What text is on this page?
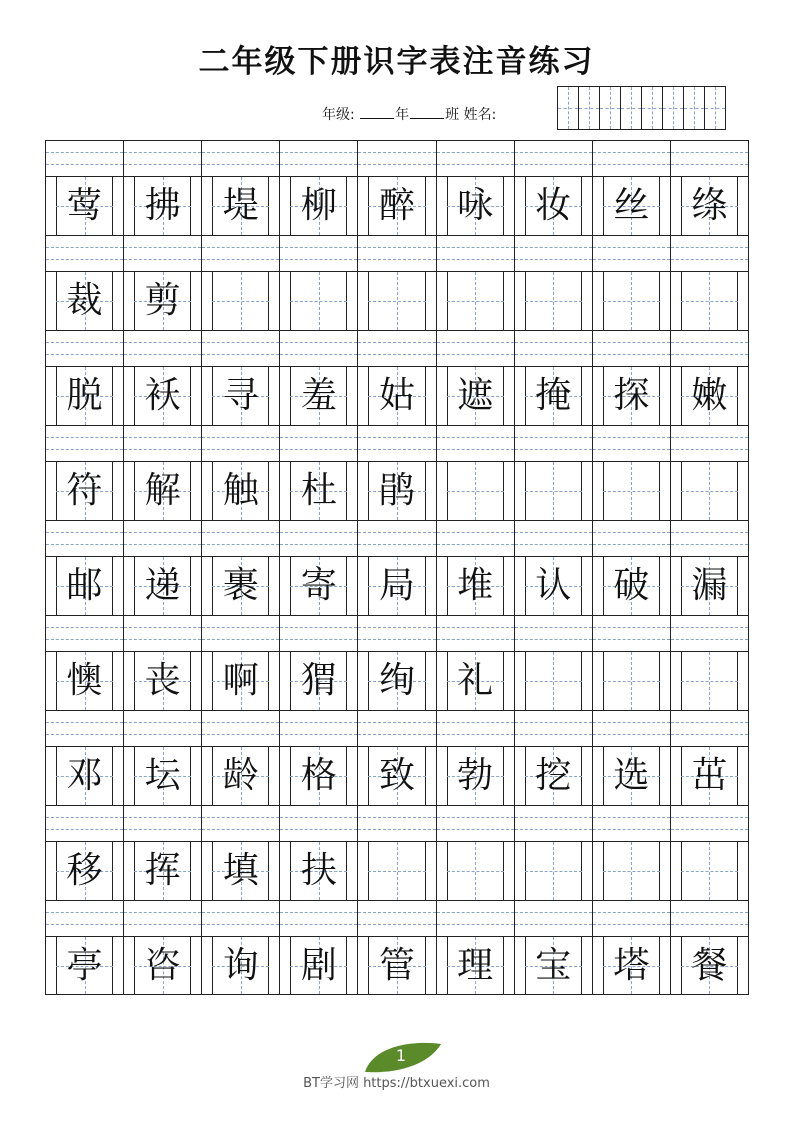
二年级下册识字表注音练习
年级:	年	班 姓名:
莺 拂 堤 柳 醉 咏 妆 丝 绦
裁 剪
脱 袄 寻 羞 姑 遮 掩 探 嫩
符 解 触 杜 鹃
邮 递 裹 寄 局 堆 认 破 漏
懊 丧 啊 猬 绚 礼
邓 坛 龄 格 致 勃 挖 选 茁
移 挥 填 扶
亭 咨 询 剧 管 理 宝 塔 餐
1
BT学习网 https://btxuexi.com
